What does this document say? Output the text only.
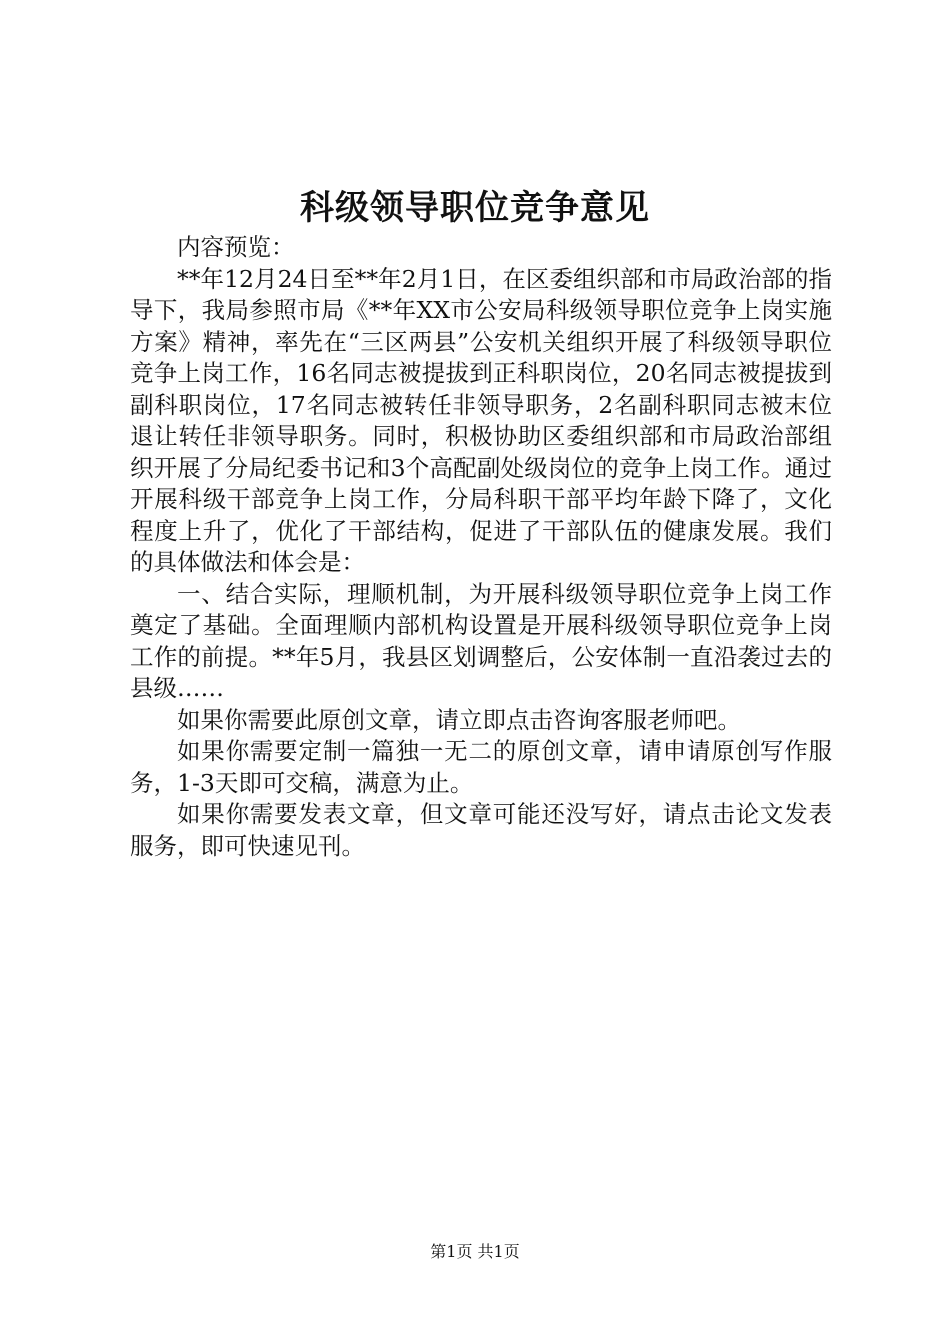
科级领导职位竞争意见

内容预览：

**年12月24日至**年2月1日，在区委组织部和市局政治部的指导下，我局参照市局《**年XX市公安局科级领导职位竞争上岗实施方案》精神，率先在“三区两县”公安机关组织开展了科级领导职位竞争上岗工作，16名同志被提拔到正科职岗位，20名同志被提拔到副科职岗位，17名同志被转任非领导职务，2名副科职同志被末位退让转任非领导职务。同时，积极协助区委组织部和市局政治部组织开展了分局纪委书记和3个高配副处级岗位的竞争上岗工作。通过开展科级干部竞争上岗工作，分局科职干部平均年龄下降了，文化程度上升了，优化了干部结构，促进了干部队伍的健康发展。我们的具体做法和体会是：

一、结合实际，理顺机制，为开展科级领导职位竞争上岗工作奠定了基础。全面理顺内部机构设置是开展科级领导职位竞争上岗工作的前提。**年5月，我县区划调整后，公安体制一直沿袭过去的县级……

如果你需要此原创文章，请立即点击咨询客服老师吧。

如果你需要定制一篇独一无二的原创文章，请申请原创写作服务，1-3天即可交稿，满意为止。

如果你需要发表文章，但文章可能还没写好，请点击论文发表服务，即可快速见刊。

第1页 共1页
